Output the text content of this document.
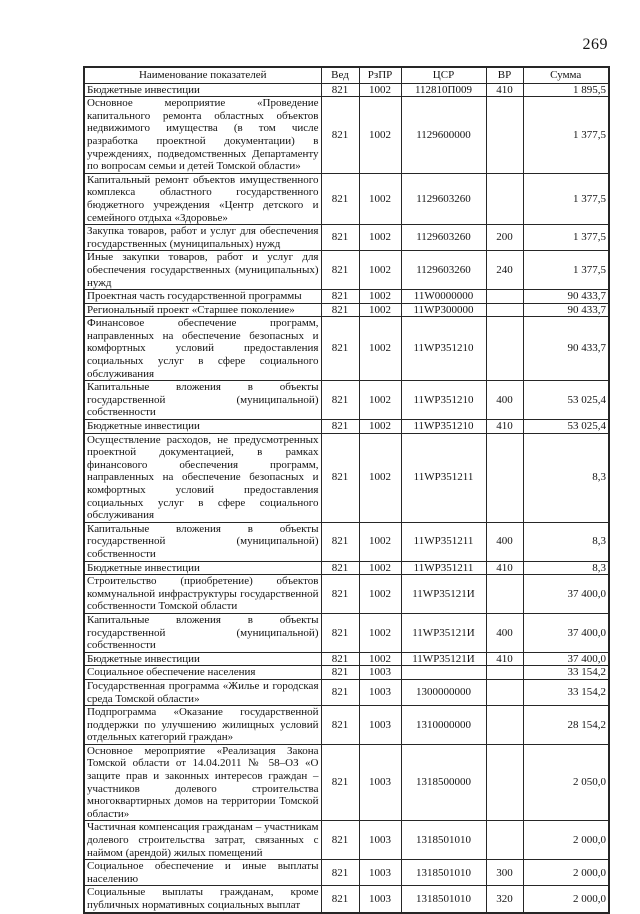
269
Наименование показателей	Вед	РзПР	ЦСР	ВР	Сумма
Бюджетные инвестиции	821	1002	112810П009	410	1 895,5
Основное мероприятие «Проведение капитального ремонта областных объектов недвижимого имущества (в том числе разработка проектной документации) в учреждениях, подведомственных Департаменту по вопросам семьи и детей Томской области»	821	1002	1129600000		1 377,5
Капитальный ремонт объектов имущественного комплекса областного государственного бюджетного учреждения «Центр детского и семейного отдыха «Здоровье»	821	1002	1129603260		1 377,5
Закупка товаров, работ и услуг для обеспечения государственных (муниципальных) нужд	821	1002	1129603260	200	1 377,5
Иные закупки товаров, работ и услуг для обеспечения государственных (муниципальных) нужд	821	1002	1129603260	240	1 377,5
Проектная часть государственной программы	821	1002	11W0000000		90 433,7
Региональный проект «Старшее поколение»	821	1002	11WP300000		90 433,7
Финансовое обеспечение программ, направленных на обеспечение безопасных и комфортных условий предоставления социальных услуг в сфере социального обслуживания	821	1002	11WP351210		90 433,7
Капитальные вложения в объекты государственной (муниципальной) собственности	821	1002	11WP351210	400	53 025,4
Бюджетные инвестиции	821	1002	11WP351210	410	53 025,4
Осуществление расходов, не предусмотренных проектной документацией, в рамках финансового обеспечения программ, направленных на обеспечение безопасных и комфортных условий предоставления социальных услуг в сфере социального обслуживания	821	1002	11WP351211		8,3
Капитальные вложения в объекты государственной (муниципальной) собственности	821	1002	11WP351211	400	8,3
Бюджетные инвестиции	821	1002	11WP351211	410	8,3
Строительство (приобретение) объектов коммунальной инфраструктуры государственной собственности Томской области	821	1002	11WP35121И		37 400,0
Капитальные вложения в объекты государственной (муниципальной) собственности	821	1002	11WP35121И	400	37 400,0
Бюджетные инвестиции	821	1002	11WP35121И	410	37 400,0
Социальное обеспечение населения	821	1003			33 154,2
Государственная программа «Жилье и городская среда Томской области»	821	1003	1300000000		33 154,2
Подпрограмма «Оказание государственной поддержки по улучшению жилищных условий отдельных категорий граждан»	821	1003	1310000000		28 154,2
Основное мероприятие «Реализация Закона Томской области от 14.04.2011 № 58–ОЗ «О защите прав и законных интересов граждан – участников долевого строительства многоквартирных домов на территории Томской области»	821	1003	1318500000		2 050,0
Частичная компенсация гражданам – участникам долевого строительства затрат, связанных с наймом (арендой) жилых помещений	821	1003	1318501010		2 000,0
Социальное обеспечение и иные выплаты населению	821	1003	1318501010	300	2 000,0
Социальные выплаты гражданам, кроме публичных нормативных социальных выплат	821	1003	1318501010	320	2 000,0
